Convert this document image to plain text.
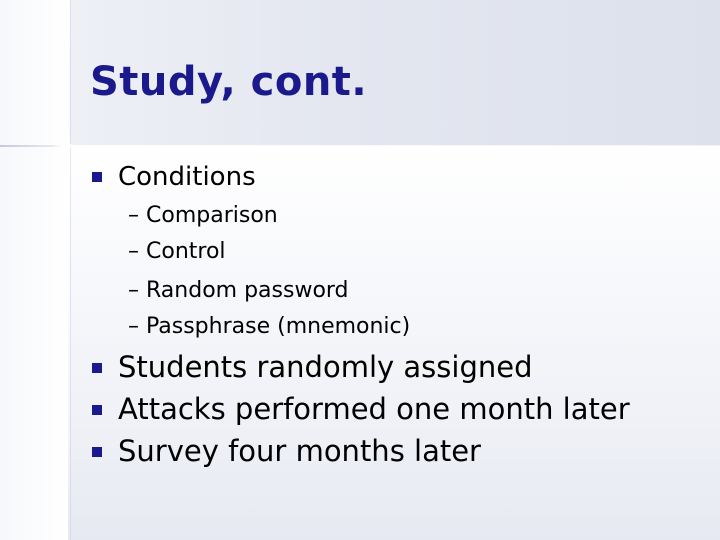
Study, cont.
Conditions
– Comparison
– Control
– Random password
– Passphrase (mnemonic)
Students randomly assigned
Attacks performed one month later
Survey four months later
